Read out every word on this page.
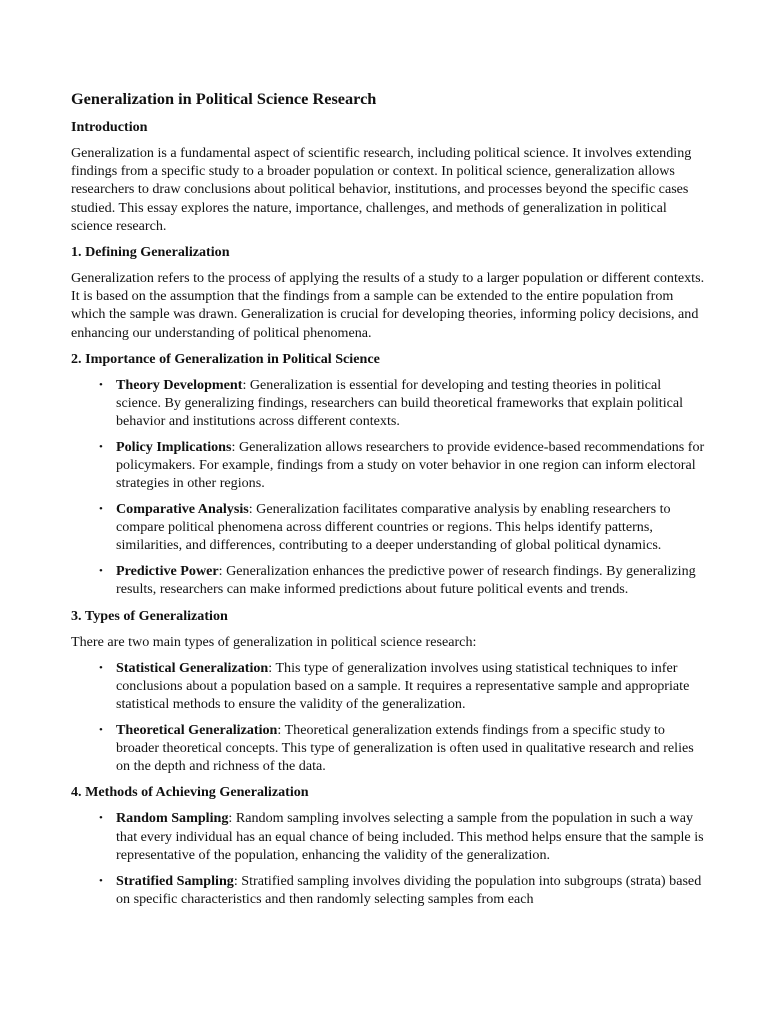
Generalization in Political Science Research
Introduction

Generalization is a fundamental aspect of scientific research, including political science. It involves extending findings from a specific study to a broader population or context. In political science, generalization allows researchers to draw conclusions about political behavior, institutions, and processes beyond the specific cases studied. This essay explores the nature, importance, challenges, and methods of generalization in political science research.

1. Defining Generalization

Generalization refers to the process of applying the results of a study to a larger population or different contexts. It is based on the assumption that the findings from a sample can be extended to the entire population from which the sample was drawn. Generalization is crucial for developing theories, informing policy decisions, and enhancing our understanding of political phenomena.

2. Importance of Generalization in Political Science
• Theory Development: Generalization is essential for developing and testing theories in political science. By generalizing findings, researchers can build theoretical frameworks that explain political behavior and institutions across different contexts.
• Policy Implications: Generalization allows researchers to provide evidence-based recommendations for policymakers. For example, findings from a study on voter behavior in one region can inform electoral strategies in other regions.
• Comparative Analysis: Generalization facilitates comparative analysis by enabling researchers to compare political phenomena across different countries or regions. This helps identify patterns, similarities, and differences, contributing to a deeper understanding of global political dynamics.
• Predictive Power: Generalization enhances the predictive power of research findings. By generalizing results, researchers can make informed predictions about future political events and trends.
3. Types of Generalization

There are two main types of generalization in political science research:

• Statistical Generalization: This type of generalization involves using statistical techniques to infer conclusions about a population based on a sample. It requires a representative sample and appropriate statistical methods to ensure the validity of the generalization.
• Theoretical Generalization: Theoretical generalization extends findings from a specific study to broader theoretical concepts. This type of generalization is often used in qualitative research and relies on the depth and richness of the data.
4. Methods of Achieving Generalization
• Random Sampling: Random sampling involves selecting a sample from the population in such a way that every individual has an equal chance of being included. This method helps ensure that the sample is representative of the population, enhancing the validity of the generalization.
• Stratified Sampling: Stratified sampling involves dividing the population into subgroups (strata) based on specific characteristics and then randomly selecting samples from each
